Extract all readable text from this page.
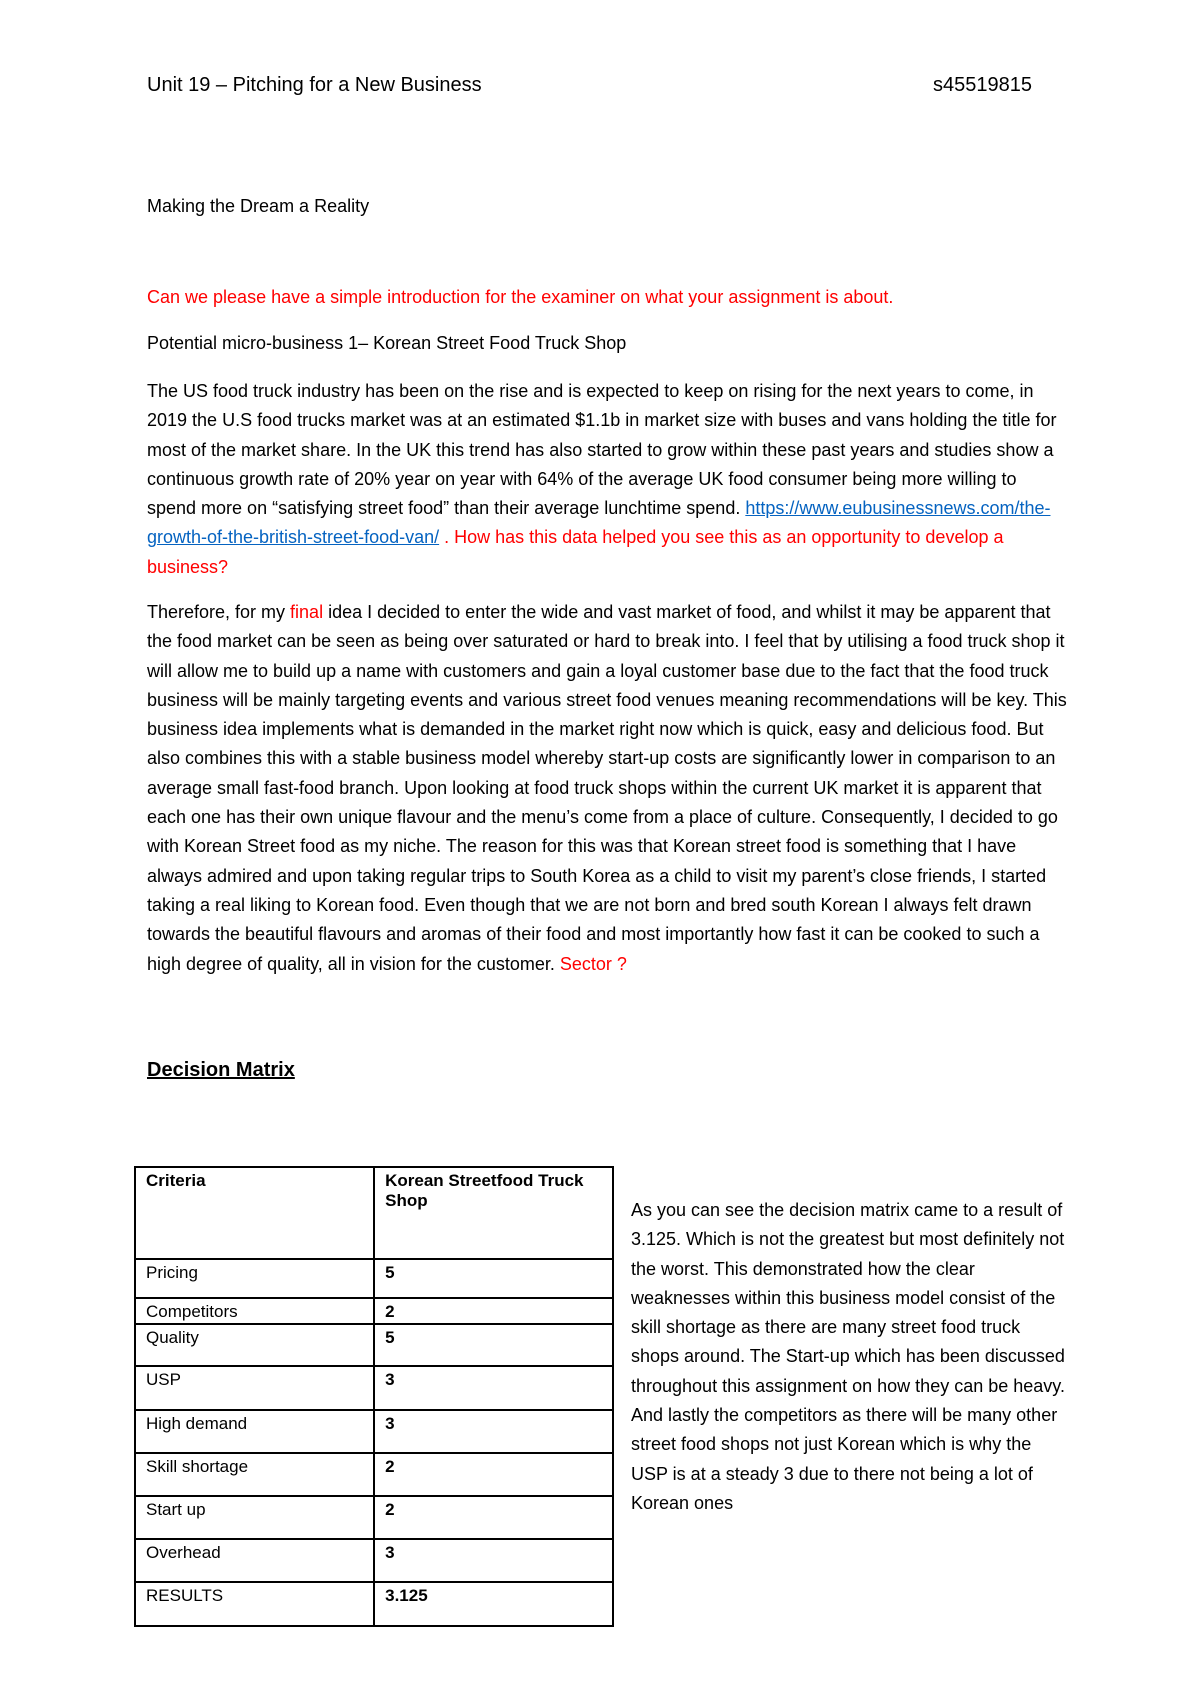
Unit 19 – Pitching for a New Business	s45519815
Making the Dream a Reality
Can we please have a simple introduction for the examiner on what your assignment is about.
Potential micro-business 1– Korean Street Food Truck Shop
The US food truck industry has been on the rise and is expected to keep on rising for the next years to come, in 2019 the U.S food trucks market was at an estimated $1.1b in market size with buses and vans holding the title for most of the market share. In the UK this trend has also started to grow within these past years and studies show a continuous growth rate of 20% year on year with 64% of the average UK food consumer being more willing to spend more on “satisfying street food” than their average lunchtime spend. https://www.eubusinessnews.com/the-growth-of-the-british-street-food-van/ . How has this data helped you see this as an opportunity to develop a business?
Therefore, for my final idea I decided to enter the wide and vast market of food, and whilst it may be apparent that the food market can be seen as being over saturated or hard to break into. I feel that by utilising a food truck shop it will allow me to build up a name with customers and gain a loyal customer base due to the fact that the food truck business will be mainly targeting events and various street food venues meaning recommendations will be key. This business idea implements what is demanded in the market right now which is quick, easy and delicious food. But also combines this with a stable business model whereby start-up costs are significantly lower in comparison to an average small fast-food branch. Upon looking at food truck shops within the current UK market it is apparent that each one has their own unique flavour and the menu’s come from a place of culture. Consequently, I decided to go with Korean Street food as my niche. The reason for this was that Korean street food is something that I have always admired and upon taking regular trips to South Korea as a child to visit my parent’s close friends, I started taking a real liking to Korean food. Even though that we are not born and bred south Korean I always felt drawn towards the beautiful flavours and aromas of their food and most importantly how fast it can be cooked to such a high degree of quality, all in vision for the customer. Sector ?
Decision Matrix
Criteria	Korean Streetfood Truck Shop
Pricing	5
Competitors	2
Quality	5
USP	3
High demand	3
Skill shortage	2
Start up	2
Overhead	3
RESULTS	3.125
As you can see the decision matrix came to a result of 3.125. Which is not the greatest but most definitely not the worst. This demonstrated how the clear weaknesses within this business model consist of the skill shortage as there are many street food truck shops around. The Start-up which has been discussed throughout this assignment on how they can be heavy. And lastly the competitors as there will be many other street food shops not just Korean which is why the USP is at a steady 3 due to there not being a lot of Korean ones
